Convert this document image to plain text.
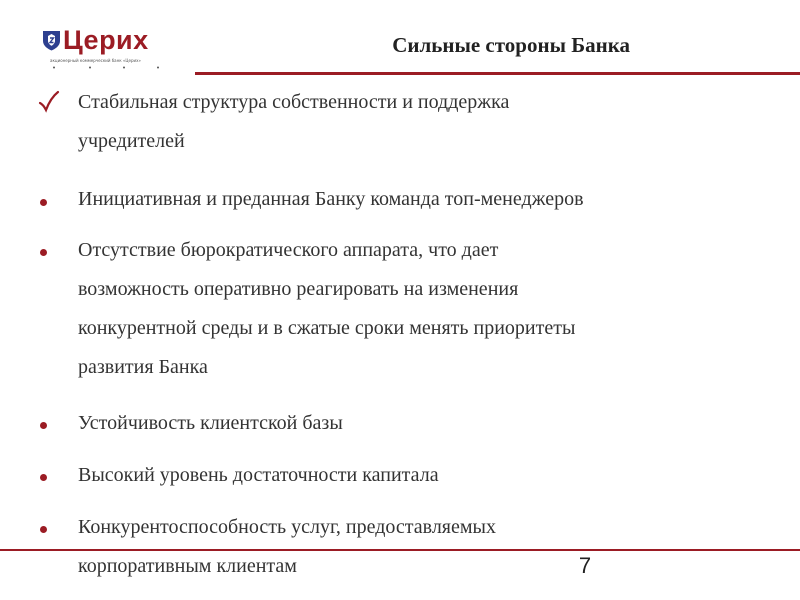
Церих
акционерный коммерческий банк «Церих»
Сильные стороны Банка
Стабильная структура собственности и поддержка
учредителей
Инициативная и преданная Банку команда топ-менеджеров
Отсутствие бюрократического аппарата, что дает
возможность оперативно реагировать на изменения
конкурентной среды и в сжатые сроки менять приоритеты
развития Банка
Устойчивость клиентской базы
Высокий уровень достаточности капитала
Конкурентоспособность услуг, предоставляемых
корпоративным клиентам	7
